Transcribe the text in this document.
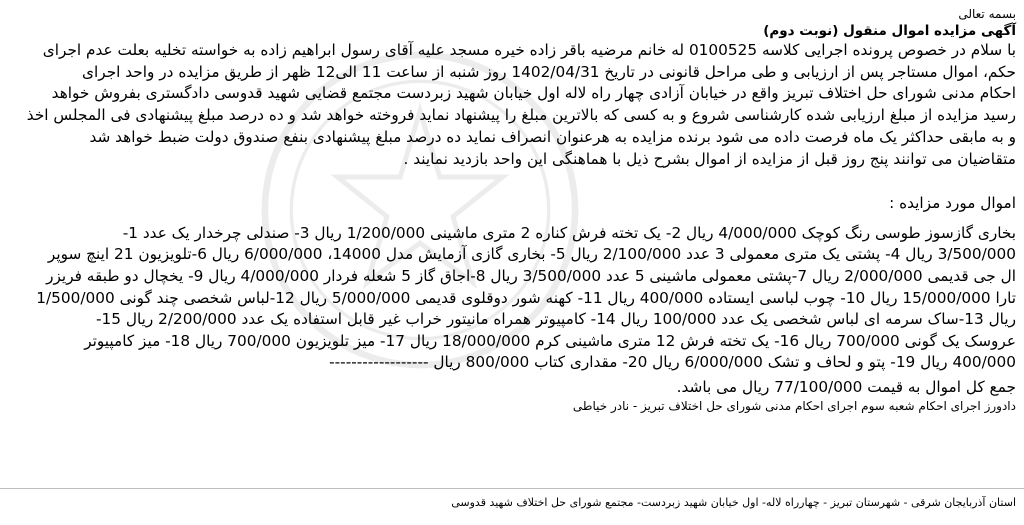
بسمه تعالی
آگهی مزایده اموال منقول (نوبت دوم)
با سلام در خصوص پرونده اجرایی کلاسه 0100525 له خانم مرضیه باقر زاده خیره مسجد علیه آقای رسول ابراهیم زاده به خواسته تخلیه بعلت عدم اجرای
حکم، اموال مستاجر پس از ارزیابی و طی مراحل قانونی در تاریخ 1402/04/31 روز شنبه از ساعت 11 الی12 ظهر از طریق مزایده در واحد اجرای
احکام مدنی شورای حل اختلاف تبریز واقع در خیابان آزادی چهار راه لاله اول خیابان شهید زبردست مجتمع قضایی شهید قدوسی دادگستری بفروش خواهد
رسید مزایده از مبلغ ارزیابی شده کارشناسی شروع و به کسی که بالاترین مبلغ را پیشنهاد نماید فروخته خواهد شد و ده درصد مبلغ پیشنهادی فی المجلس اخذ
و به مابقی حداکثر یک ماه فرصت داده می شود برنده مزایده به هرعنوان انصراف نماید ده درصد مبلغ پیشنهادی بنفع صندوق دولت ضبط خواهد شد
متقاضیان می توانند پنج روز قبل از مزایده از اموال بشرح ذیل با هماهنگی این واحد بازدید نمایند .
اموال مورد مزایده :
بخاری گازسوز طوسی رنگ کوچک 4/000/000 ریال 2- یک تخته فرش کناره 2 متری ماشینی 1/200/000 ریال 3- صندلی چرخدار یک عدد 1-
3/500/000 ریال 4- پشتی یک متری معمولی 3 عدد 2/100/000 ریال 5- بخاری گازی آزمایش مدل 14000، 6/000/000 ریال 6-تلویزیون 21 اینچ سوپر
ال جی قدیمی 2/000/000 ریال 7-پشتی معمولی ماشینی 5 عدد 3/500/000 ریال 8-اجاق گاز 5 شعله فردار 4/000/000 ریال 9- یخچال دو طبقه فریزر
تارا 15/000/000 ریال 10- چوب لباسی ایستاده 400/000 ریال 11- کهنه شور دوقلوی قدیمی 5/000/000 ریال 12-لباس شخصی چند گونی 1/500/000
ریال 13-ساک سرمه ای لباس شخصی یک عدد 100/000 ریال 14- کامپیوتر همراه مانیتور خراب غیر قابل استفاده یک عدد 2/200/000 ریال 15-
عروسک یک گونی 700/000 ریال 16- یک تخته فرش 12 متری ماشینی کرم 18/000/000 ریال 17- میز تلویزیون 700/000 ریال 18- میز کامپیوتر
400/000 ریال 19- پتو و لحاف و تشک 6/000/000 ریال 20- مقداری کتاب 800/000 ریال ------------------
جمع کل اموال به قیمت 77/100/000 ریال می باشد.
دادورز اجرای احکام شعبه سوم اجرای احکام مدنی شورای حل اختلاف تبریز - نادر خیاطی
استان آذربایجان شرقی - شهرستان تبریز - چهارراه لاله- اول خیابان شهید زبردست- مجتمع شورای حل اختلاف شهید قدوسی
